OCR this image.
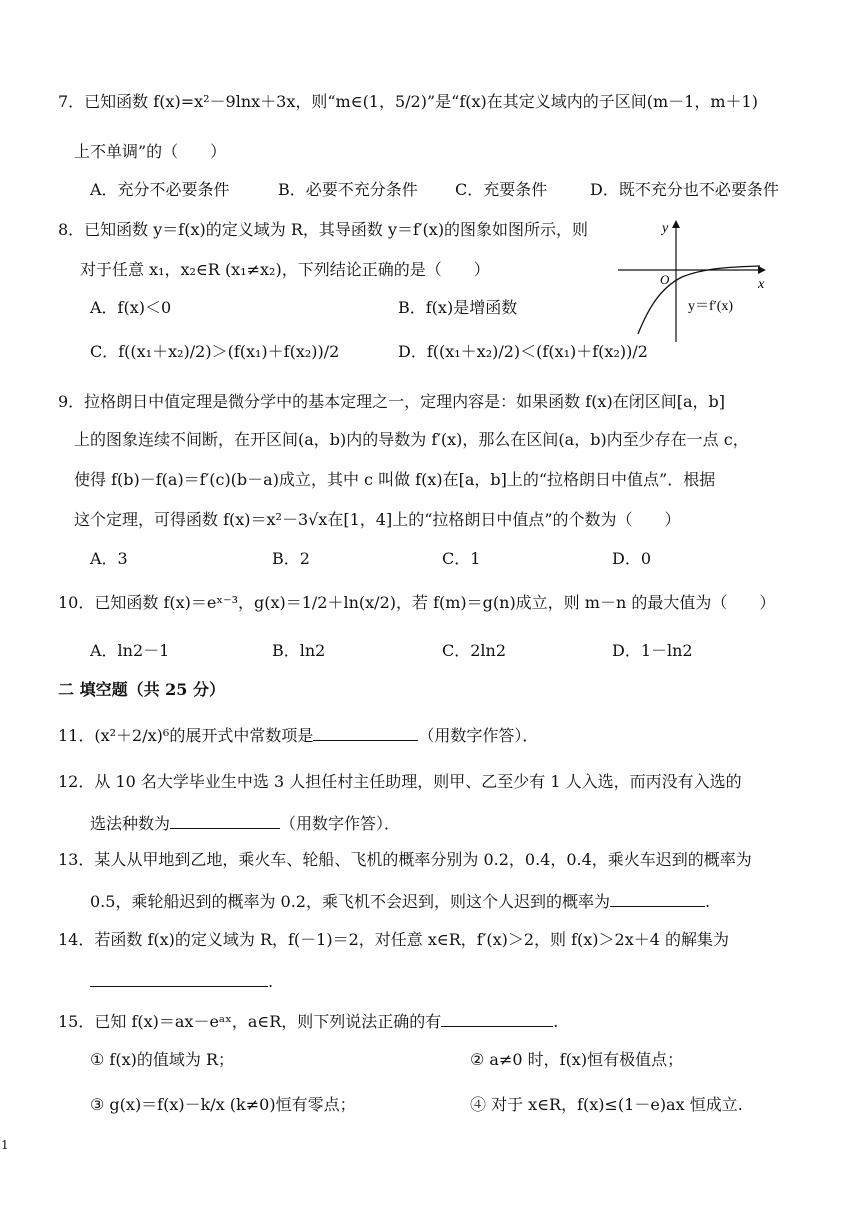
7．已知函数 f(x)=x²－9lnx＋3x，则“m∈(1，5/2)”是“f(x)在其定义域内的子区间(m－1，m＋1)
上不单调”的（　　）
A．充分不必要条件	B．必要不充分条件 C．充要条件	D．既不充分也不必要条件
8．已知函数 y＝f(x)的定义域为 R，其导函数 y＝f′(x)的图象如图所示，则
对于任意 x₁，x₂∈R (x₁≠x₂)，下列结论正确的是（　　）
A．f(x)＜0	B．f(x)是增函数
C．f((x₁＋x₂)/2)＞(f(x₁)＋f(x₂))/2	D．f((x₁＋x₂)/2)＜(f(x₁)＋f(x₂))/2
y
x
O
y＝f′(x)
9．拉格朗日中值定理是微分学中的基本定理之一，定理内容是：如果函数 f(x)在闭区间[a，b]
上的图象连续不间断，在开区间(a，b)内的导数为 f′(x)，那么在区间(a，b)内至少存在一点 c，
使得 f(b)－f(a)＝f′(c)(b－a)成立，其中 c 叫做 f(x)在[a，b]上的“拉格朗日中值点”．根据
这个定理，可得函数 f(x)＝x²－3√x在[1，4]上的“拉格朗日中值点”的个数为（　　）
A．3	B．2	C．1	D．0
10．已知函数 f(x)＝eˣ⁻³，g(x)＝1/2＋ln(x/2)，若 f(m)＝g(n)成立，则 m－n 的最大值为（　　）
A．ln2－1	B．ln2	C．2ln2	D．1－ln2
二 填空题（共 25 分）
11．(x²＋2/x)⁶的展开式中常数项是	（用数字作答）．
12．从 10 名大学毕业生中选 3 人担任村主任助理，则甲、乙至少有 1 人入选，而丙没有入选的
选法种数为	（用数字作答）．
13．某人从甲地到乙地，乘火车、轮船、飞机的概率分别为 0.2，0.4，0.4，乘火车迟到的概率为
0.5，乘轮船迟到的概率为 0.2，乘飞机不会迟到，则这个人迟到的概率为	.
14．若函数 f(x)的定义域为 R，f(－1)＝2，对任意 x∈R，f′(x)＞2，则 f(x)＞2x＋4 的解集为
.
15．已知 f(x)＝ax－eᵃˣ，a∈R，则下列说法正确的有	.
① f(x)的值域为 R；	② a≠0 时，f(x)恒有极值点；
③ g(x)＝f(x)－k/x (k≠0)恒有零点；	④ 对于 x∈R，f(x)≤(1－e)ax 恒成立.
1
